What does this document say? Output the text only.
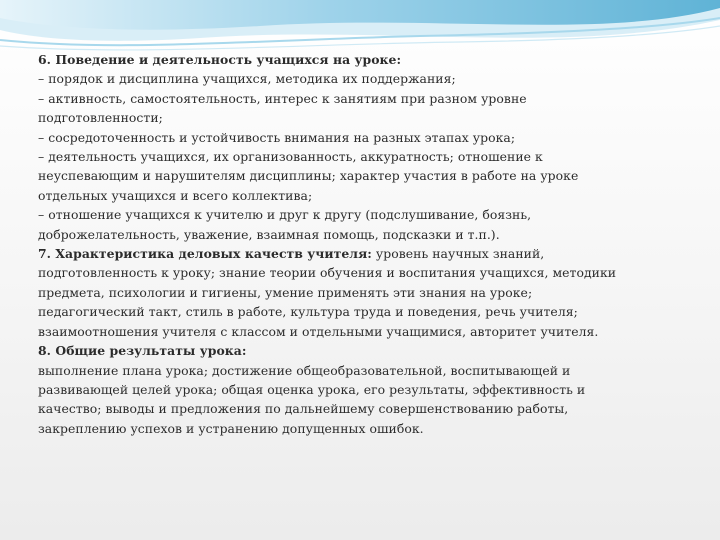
6. Поведение и деятельность учащихся на уроке:

– порядок и дисциплина учащихся, методика их поддержания;

– активность, самостоятельность, интерес к занятиям при разном уровне

подготовленности;

– сосредоточенность и устойчивость внимания на разных этапах урока;

– деятельность учащихся, их организованность, аккуратность; отношение к

неуспевающим и нарушителям дисциплины; характер участия в работе на уроке

отдельных учащихся и всего коллектива;

– отношение учащихся к учителю и друг к другу (подслушивание, боязнь,

доброжелательность, уважение, взаимная помощь, подсказки и т.п.).

7. Характеристика деловых качеств учителя: уровень научных знаний,

подготовленность к уроку; знание теории обучения и воспитания учащихся, методики

предмета, психологии и гигиены, умение применять эти знания на уроке;

педагогический такт, стиль в работе, культура труда и поведения, речь учителя;

взаимоотношения учителя с классом и отдельными учащимися, авторитет учителя.

8. Общие результаты урока:

выполнение плана урока; достижение общеобразовательной, воспитывающей и

развивающей целей урока; общая оценка урока, его результаты, эффективность и

качество; выводы и предложения по дальнейшему совершенствованию работы,

закреплению успехов и устранению допущенных ошибок.
